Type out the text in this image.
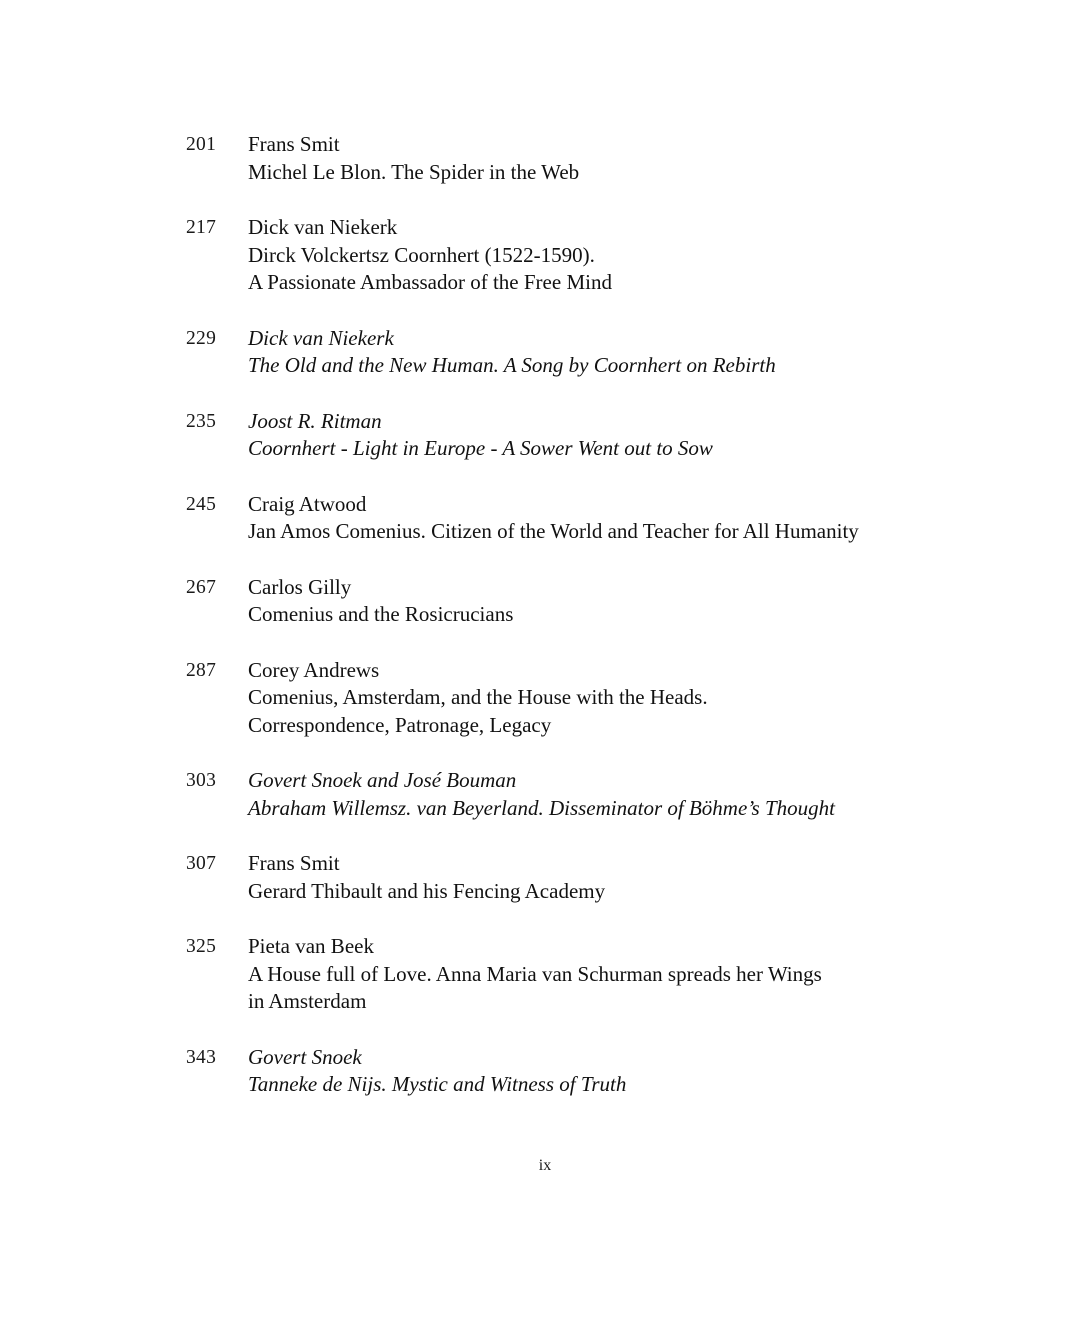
201	Frans Smit
Michel Le Blon. The Spider in the Web
217	Dick van Niekerk
Dirck Volckertsz Coornhert (1522-1590).
A Passionate Ambassador of the Free Mind
229	Dick van Niekerk
The Old and the New Human. A Song by Coornhert on Rebirth
235	Joost R. Ritman
Coornhert - Light in Europe - A Sower Went out to Sow
245	Craig Atwood
Jan Amos Comenius. Citizen of the World and Teacher for All Humanity
267	Carlos Gilly
Comenius and the Rosicrucians
287	Corey Andrews
Comenius, Amsterdam, and the House with the Heads.
Correspondence, Patronage, Legacy
303	Govert Snoek and José Bouman
Abraham Willemsz. van Beyerland. Disseminator of Böhme’s Thought
307	Frans Smit
Gerard Thibault and his Fencing Academy
325	Pieta van Beek
A House full of Love. Anna Maria van Schurman spreads her Wings
in Amsterdam
343	Govert Snoek
Tanneke de Nijs. Mystic and Witness of Truth
ix
